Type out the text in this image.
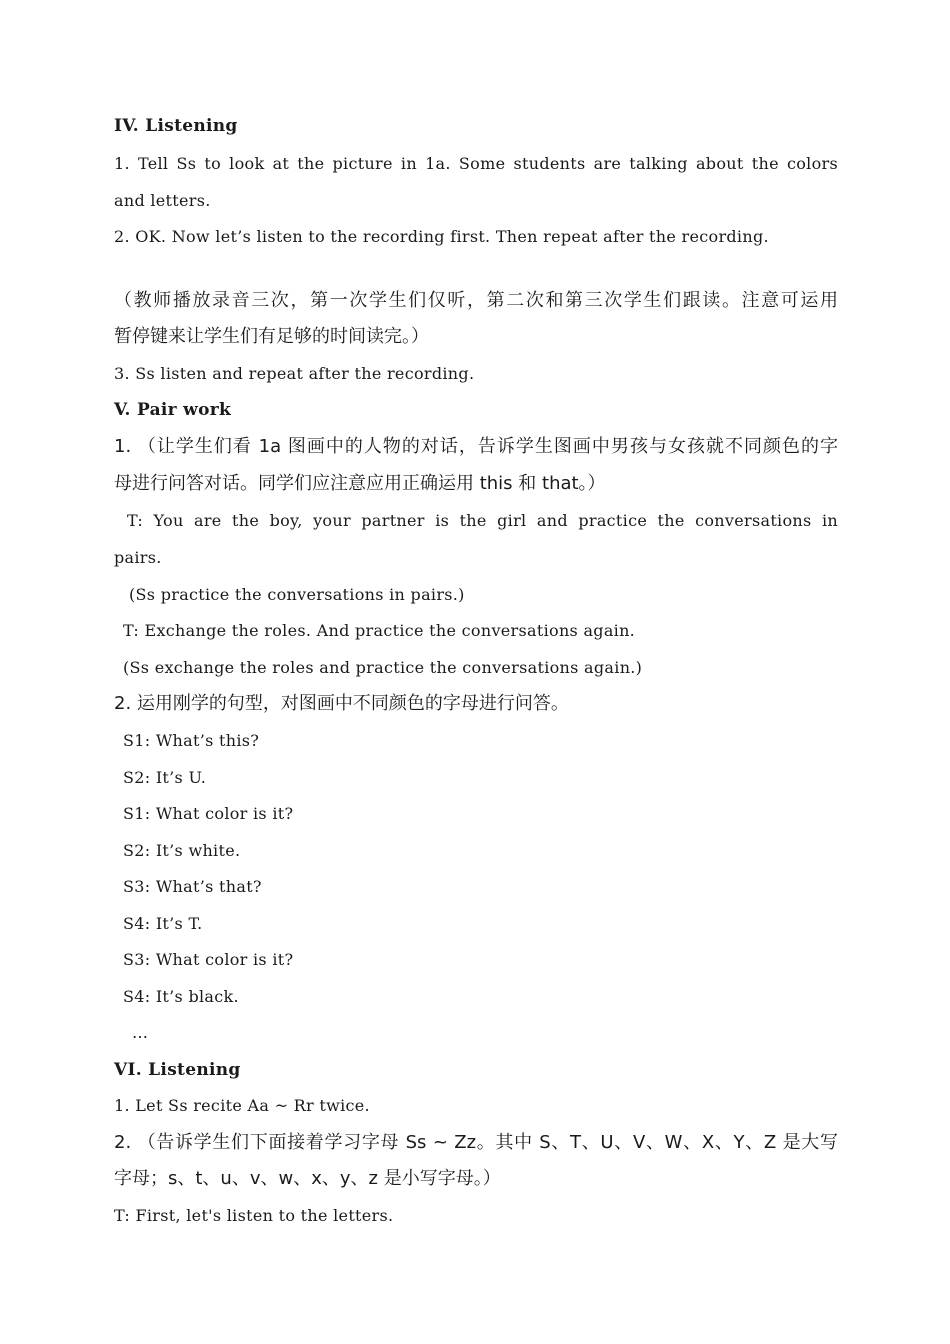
IV. Listening
1. Tell Ss to look at the picture in 1a. Some students are talking about the colors
and letters.
2. OK. Now let’s listen to the recording first. Then repeat after the recording.
（教师播放录音三次，第一次学生们仅听，第二次和第三次学生们跟读。注意可运用
暂停键来让学生们有足够的时间读完。）
3. Ss listen and repeat after the recording.
V. Pair work
1. （让学生们看 1a 图画中的人物的对话，告诉学生图画中男孩与女孩就不同颜色的字
母进行问答对话。同学们应注意应用正确运用 this 和 that。）
T: You are the boy, your partner is the girl and practice the conversations in
pairs.
(Ss practice the conversations in pairs.)
T: Exchange the roles. And practice the conversations again.
(Ss exchange the roles and practice the conversations again.)
2. 运用刚学的句型，对图画中不同颜色的字母进行问答。
S1: What’s this?
S2: It’s U.
S1: What color is it?
S2: It’s white.
S3: What’s that?
S4: It’s T.
S3: What color is it?
S4: It’s black.
…
VI. Listening
1. Let Ss recite Aa ~ Rr twice.
2. （告诉学生们下面接着学习字母 Ss ~ Zz。其中 S、T、U、V、W、X、Y、Z 是大写
字母；s、t、u、v、w、x、y、z 是小写字母。）
T: First, let's listen to the letters.
